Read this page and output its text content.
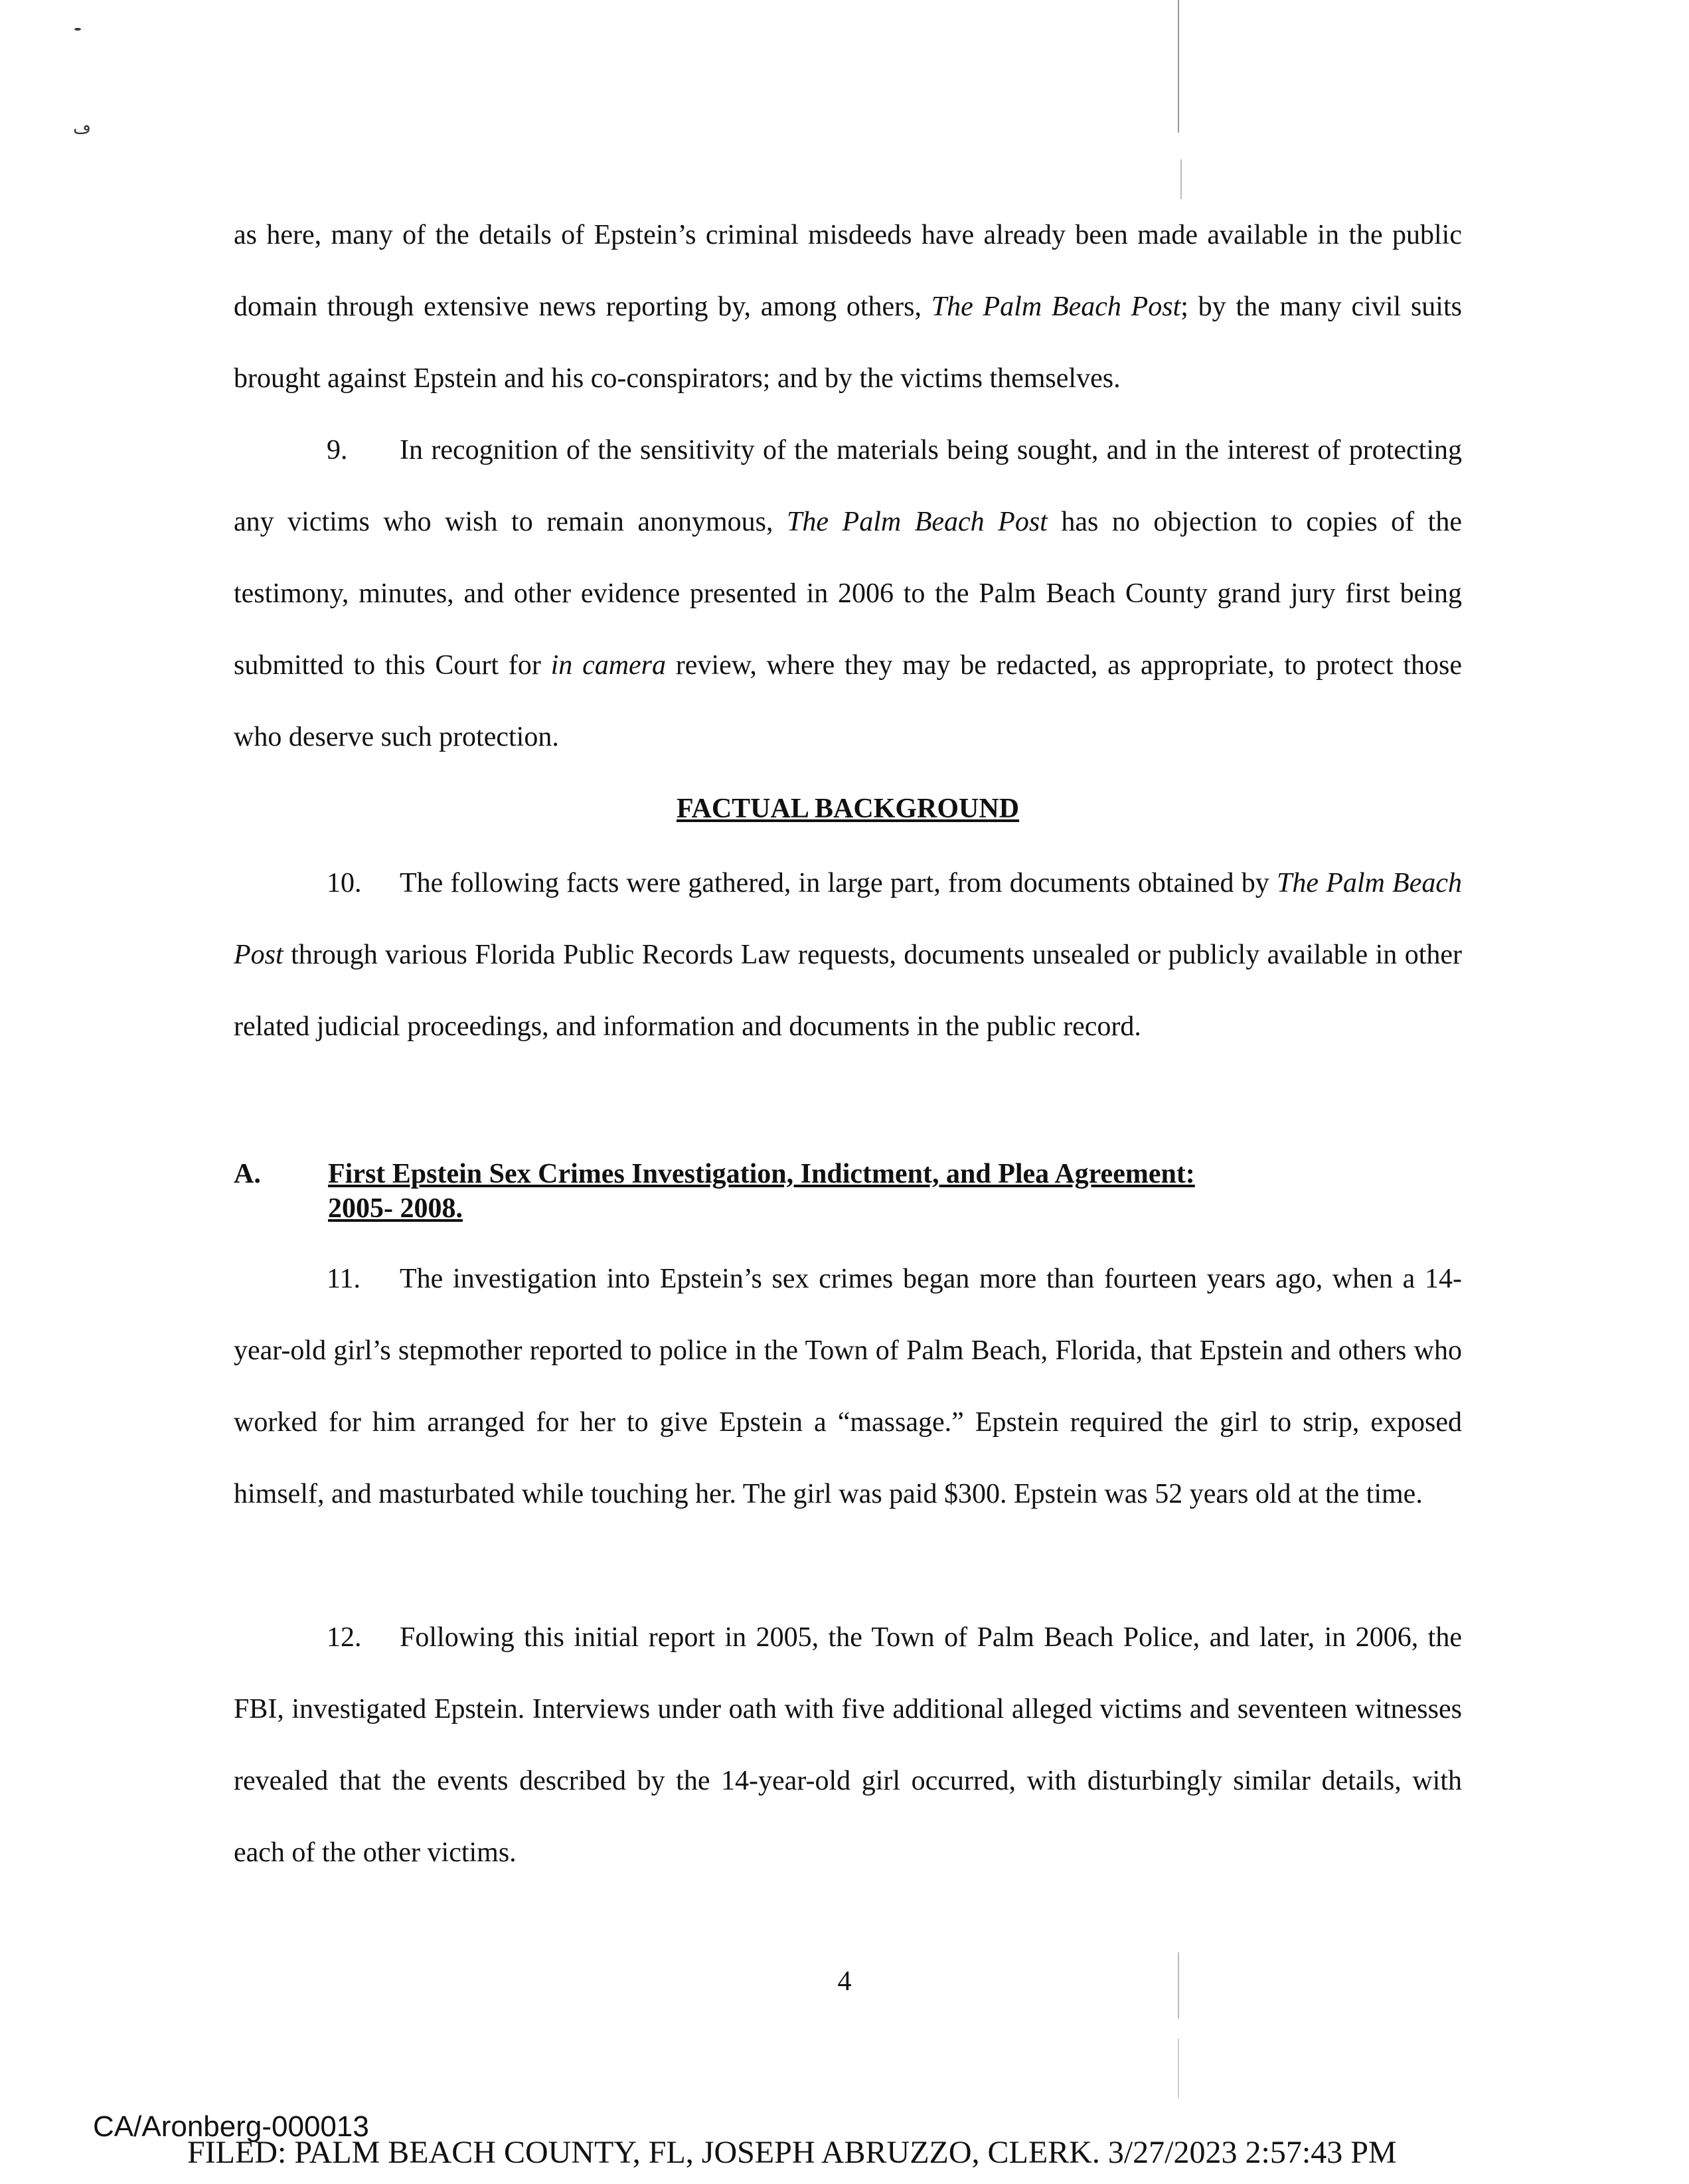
ڡ

as here, many of the details of Epstein’s criminal misdeeds have already been made available in the public domain through extensive news reporting by, among others, The Palm Beach Post; by the many civil suits brought against Epstein and his co-conspirators; and by the victims themselves.

9. In recognition of the sensitivity of the materials being sought, and in the interest of protecting any victims who wish to remain anonymous, The Palm Beach Post has no objection to copies of the testimony, minutes, and other evidence presented in 2006 to the Palm Beach County grand jury first being submitted to this Court for in camera review, where they may be redacted, as appropriate, to protect those who deserve such protection.

FACTUAL BACKGROUND

10. The following facts were gathered, in large part, from documents obtained by The Palm Beach Post through various Florida Public Records Law requests, documents unsealed or publicly available in other related judicial proceedings, and information and documents in the public record.

A. First Epstein Sex Crimes Investigation, Indictment, and Plea Agreement:
2005- 2008.

11. The investigation into Epstein’s sex crimes began more than fourteen years ago, when a 14-year-old girl’s stepmother reported to police in the Town of Palm Beach, Florida, that Epstein and others who worked for him arranged for her to give Epstein a “massage.” Epstein required the girl to strip, exposed himself, and masturbated while touching her. The girl was paid $300. Epstein was 52 years old at the time.

12. Following this initial report in 2005, the Town of Palm Beach Police, and later, in 2006, the FBI, investigated Epstein. Interviews under oath with five additional alleged victims and seventeen witnesses revealed that the events described by the 14-year-old girl occurred, with disturbingly similar details, with each of the other victims.

4
CA/Aronberg-000013
FILED: PALM BEACH COUNTY, FL, JOSEPH ABRUZZO, CLERK. 3/27/2023 2:57:43 PM
